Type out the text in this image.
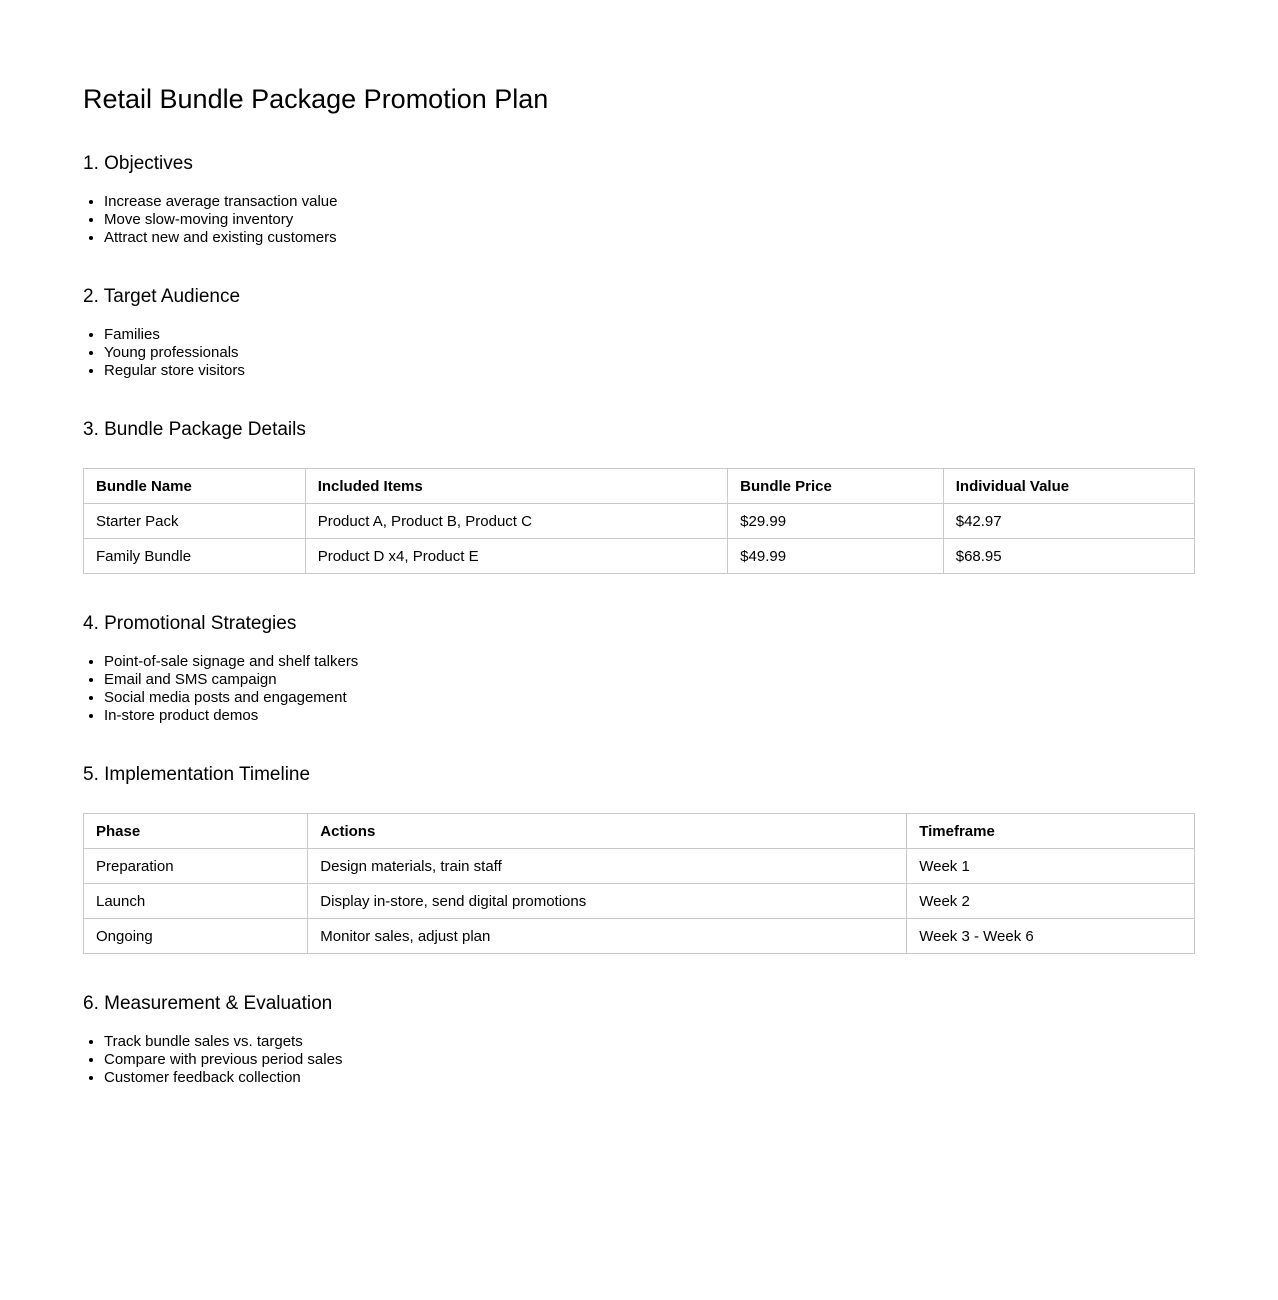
Retail Bundle Package Promotion Plan
1. Objectives
• Increase average transaction value
• Move slow-moving inventory
• Attract new and existing customers
2. Target Audience
• Families
• Young professionals
• Regular store visitors
3. Bundle Package Details
Bundle Name	Included Items	Bundle Price	Individual Value
Starter Pack	Product A, Product B, Product C	$29.99	$42.97
Family Bundle	Product D x4, Product E	$49.99	$68.95
4. Promotional Strategies
• Point-of-sale signage and shelf talkers
• Email and SMS campaign
• Social media posts and engagement
• In-store product demos
5. Implementation Timeline
Phase	Actions	Timeframe
Preparation	Design materials, train staff	Week 1
Launch	Display in-store, send digital promotions	Week 2
Ongoing	Monitor sales, adjust plan	Week 3 - Week 6
6. Measurement & Evaluation
• Track bundle sales vs. targets
• Compare with previous period sales
• Customer feedback collection
